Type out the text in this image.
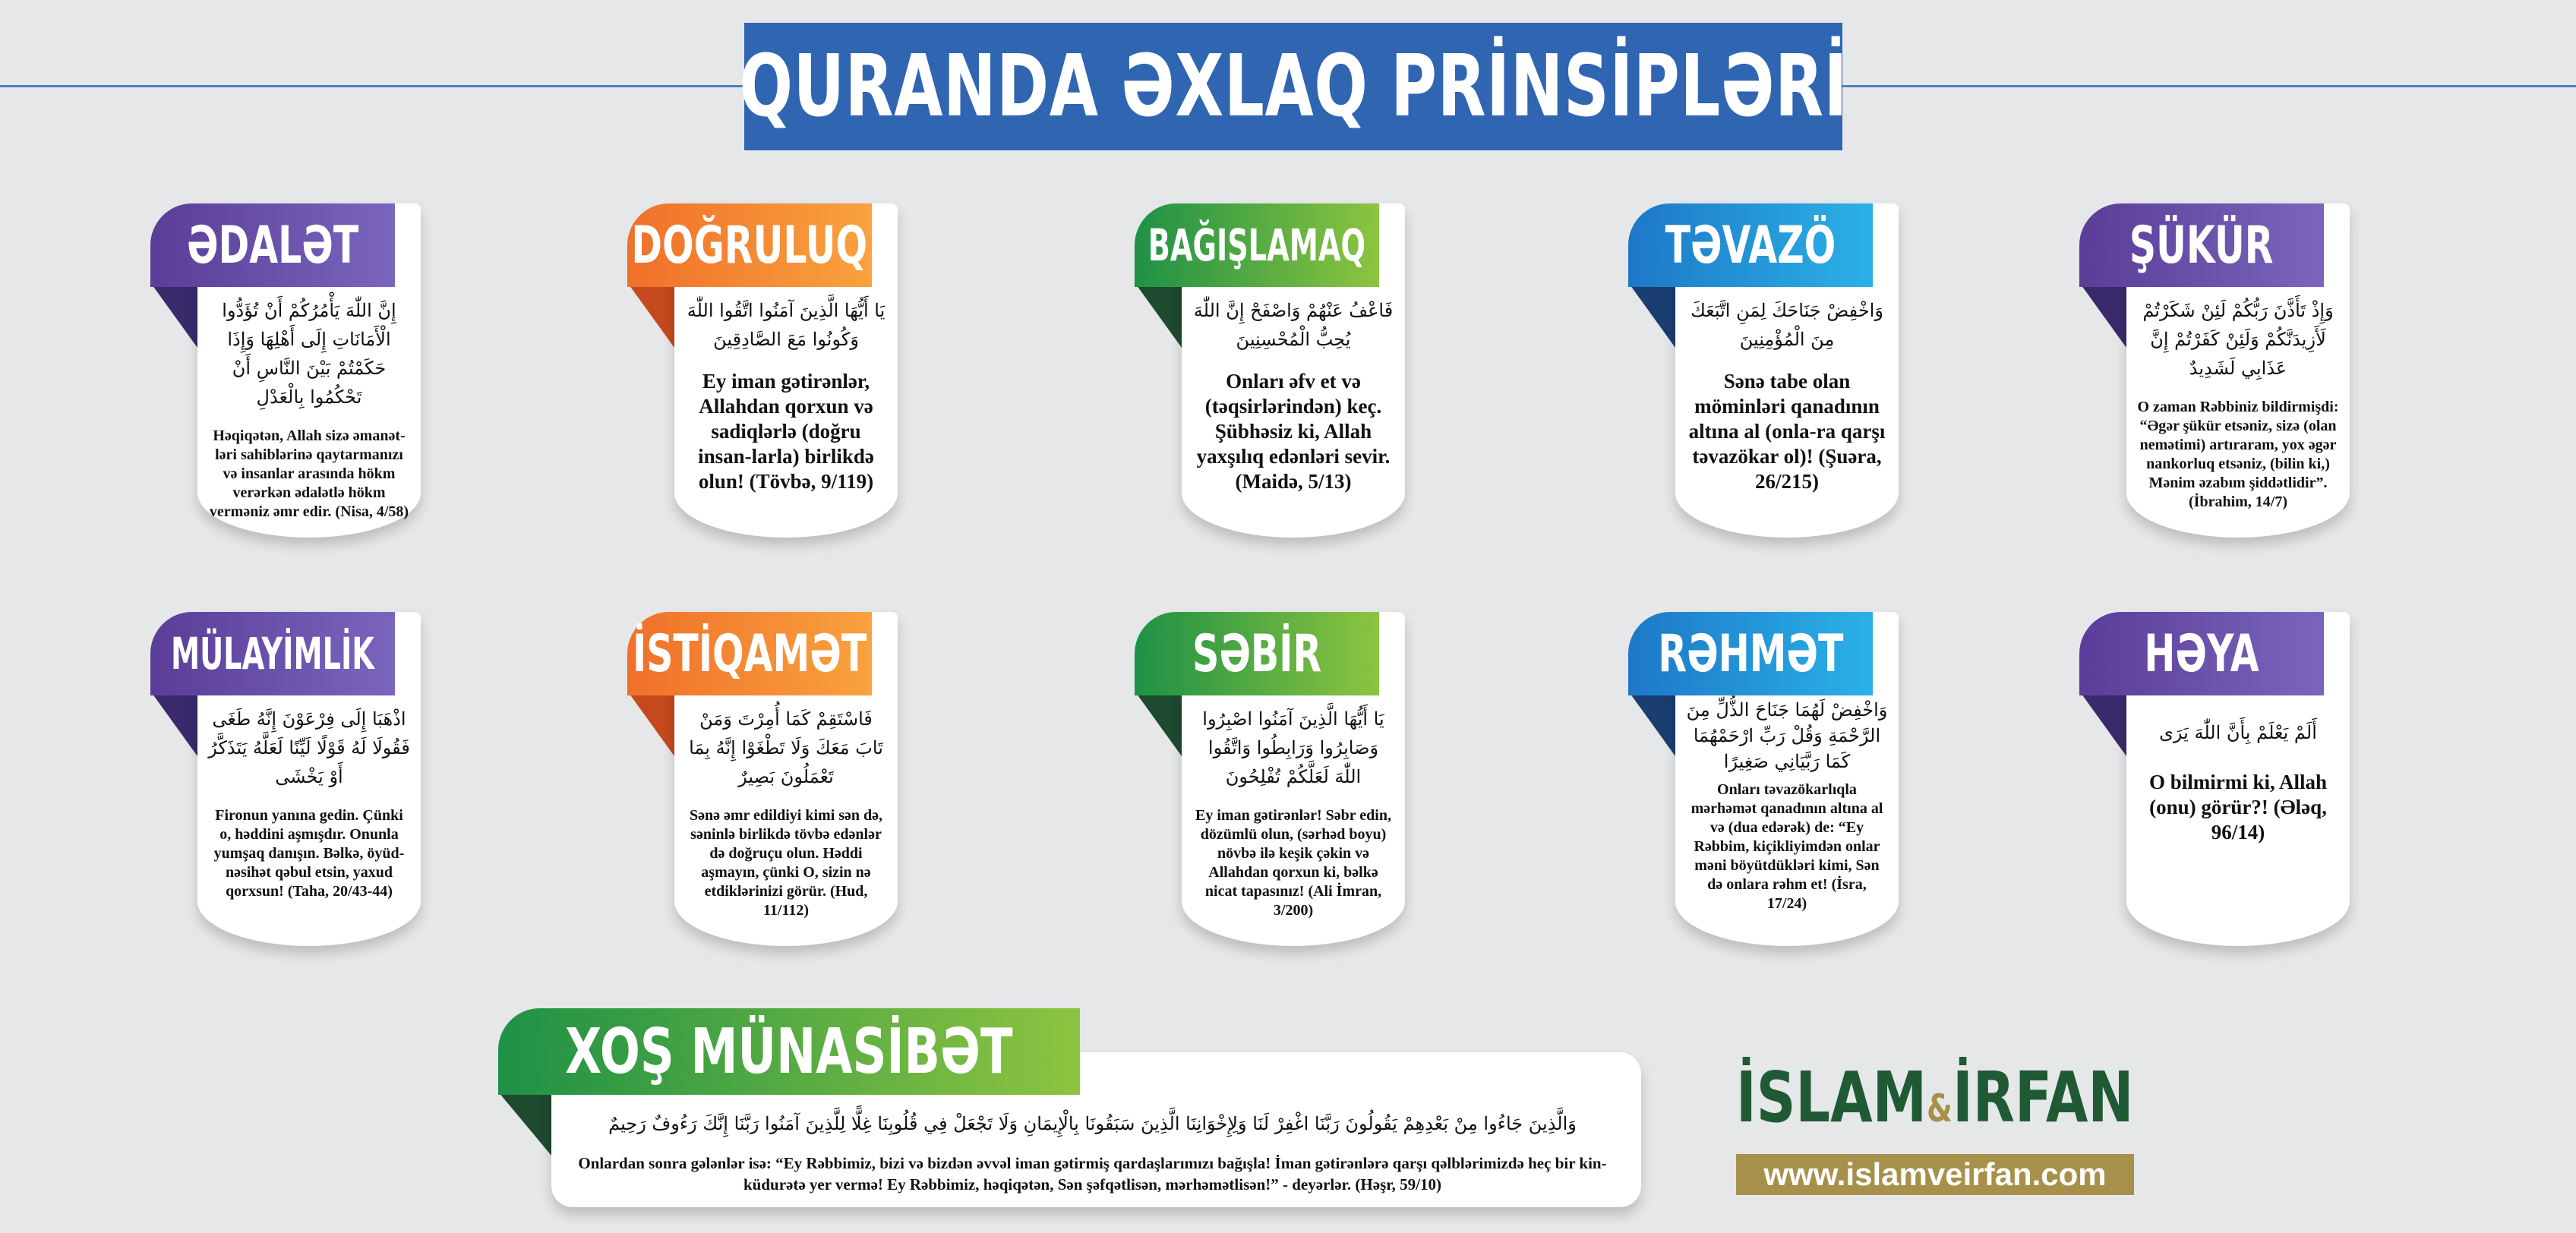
QURANDA ƏXLAQ PRİNSİPLƏRİ
إِنَّ اللّٰهَ يَأْمُرُكُمْ أَنْ تُؤَدُّوا الْأَمَانَاتِ إِلَى أَهْلِهَا وَإِذَا حَكَمْتُمْ بَيْنَ النَّاسِ أَنْ تَحْكُمُوا بِالْعَدْلِ
Həqiqətən, Allah sizə əmanət-ləri sahiblərinə qaytarmanızı və insanlar arasında hökm verərkən ədalətlə hökm verməniz əmr edir. (Nisa, 4/58)
ƏDALƏT
يَا أَيُّهَا الَّذِينَ آمَنُوا اتَّقُوا اللّٰهَ وَكُونُوا مَعَ الصَّادِقِينَ
Ey iman gətirənlər, Allahdan qorxun və sadiqlərlə (doğru insan-larla) birlikdə olun! (Tövbə, 9/119)
DOĞRULUQ
فَاعْفُ عَنْهُمْ وَاصْفَحْ إِنَّ اللّٰهَ يُحِبُّ الْمُحْسِنِينَ
Onları əfv et və (təqsirlərindən) keç. Şübhəsiz ki, Allah yaxşılıq edənləri sevir. (Maidə, 5/13)
BAĞIŞLAMAQ
وَاخْفِضْ جَنَاحَكَ لِمَنِ اتَّبَعَكَ مِنَ الْمُؤْمِنِينَ
Sənə tabe olan möminləri qanadının altına al (onla-ra qarşı təvazökar ol)! (Şuəra, 26/215)
TƏVAZÖ
وَإِذْ تَأَذَّنَ رَبُّكُمْ لَئِنْ شَكَرْتُمْ لَأَزِيدَنَّكُمْ وَلَئِنْ كَفَرْتُمْ إِنَّ عَذَابِي لَشَدِيدٌ
O zaman Rəbbiniz bildirmişdi: “Əgər şükür etsəniz, sizə (olan nemətimi) artıraram, yox əgər nankorluq etsəniz, (bilin ki,) Mənim əzabım şiddətlidir”. (İbrahim, 14/7)
ŞÜKÜR
اذْهَبَا إِلَى فِرْعَوْنَ إِنَّهُ طَغَى فَقُولَا لَهُ قَوْلًا لَيِّنًا لَعَلَّهُ يَتَذَكَّرُ أَوْ يَخْشَى
Fironun yanına gedin. Çünki o, həddini aşmışdır. Onunla yumşaq danışın. Bəlkə, öyüd-nəsihət qəbul etsin, yaxud qorxsun! (Taha, 20/43-44)
MÜLAYİMLİK
فَاسْتَقِمْ كَمَا أُمِرْتَ وَمَنْ تَابَ مَعَكَ وَلَا تَطْغَوْا إِنَّهُ بِمَا تَعْمَلُونَ بَصِيرٌ
Sənə əmr edildiyi kimi sən də, səninlə birlikdə tövbə edənlər də doğruçu olun. Həddi aşmayın, çünki O, sizin nə etdiklərinizi görür. (Hud, 11/112)
İSTİQAMƏT
يَا أَيُّهَا الَّذِينَ آمَنُوا اصْبِرُوا وَصَابِرُوا وَرَابِطُوا وَاتَّقُوا اللّٰهَ لَعَلَّكُمْ تُفْلِحُونَ
Ey iman gətirənlər! Səbr edin, dözümlü olun, (sərhəd boyu) növbə ilə keşik çəkin və Allahdan qorxun ki, bəlkə nicat tapasınız! (Ali İmran, 3/200)
SƏBİR
وَاخْفِضْ لَهُمَا جَنَاحَ الذُّلِّ مِنَ الرَّحْمَةِ وَقُلْ رَبِّ ارْحَمْهُمَا كَمَا رَبَّيَانِي صَغِيرًا
Onları təvazökarlıqla mərhəmət qanadının altına al və (dua edərək) de: “Ey Rəbbim, kiçikliyimdən onlar məni böyütdükləri kimi, Sən də onlara rəhm et! (İsra, 17/24)
RƏHMƏT
أَلَمْ يَعْلَمْ بِأَنَّ اللّٰهَ يَرَى
O bilmirmi ki, Allah (onu) görür?! (Ələq, 96/14)
HƏYA
وَالَّذِينَ جَاءُوا مِنْ بَعْدِهِمْ يَقُولُونَ رَبَّنَا اغْفِرْ لَنَا وَلِإِخْوَانِنَا الَّذِينَ سَبَقُونَا بِالْإِيمَانِ وَلَا تَجْعَلْ فِي قُلُوبِنَا غِلًّا لِلَّذِينَ آمَنُوا رَبَّنَا إِنَّكَ رَءُوفٌ رَحِيمٌ
Onlardan sonra gələnlər isə: “Ey Rəbbimiz, bizi və bizdən əvvəl iman gətirmiş qardaşlarımızı bağışla! İman gətirənlərə qarşı qəlblərimizdə heç bir kin-küdurətə yer vermə! Ey Rəbbimiz, həqiqətən, Sən şəfqətlisən, mərhəmətlisən!” - deyərlər. (Həşr, 59/10)
XOŞ MÜNASİBƏT
İSLAM&İRFAN
www.islamveirfan.com
